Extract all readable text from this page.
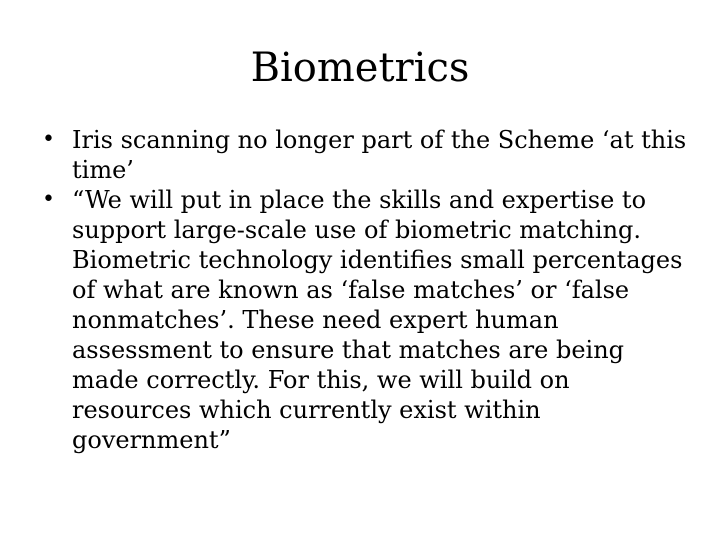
Biometrics
• Iris scanning no longer part of the Scheme ‘at this time’
• “We will put in place the skills and expertise to support large-scale use of biometric matching. Biometric technology identifies small percentages of what are known as ‘false matches’ or ‘false nonmatches’. These need expert human assessment to ensure that matches are being made correctly. For this, we will build on resources which currently exist within government”
